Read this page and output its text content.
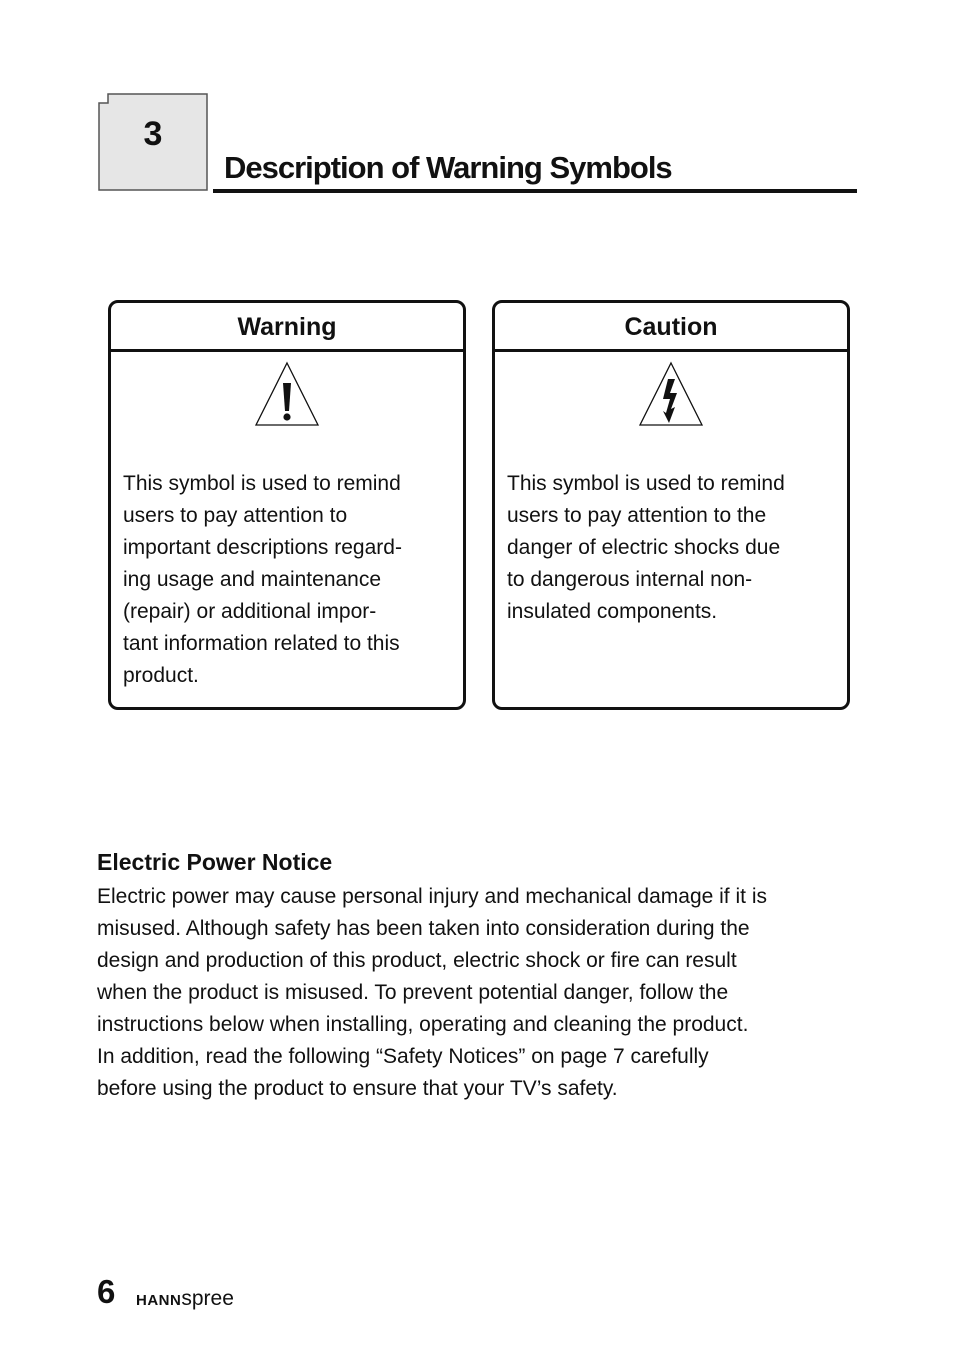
3
Description of Warning Symbols
Warning
This symbol is used to remind
users to pay attention to
important descriptions regard-
ing usage and maintenance
(repair) or additional impor-
tant information related to this
product.
Caution
This symbol is used to remind
users to pay attention to the
danger of electric shocks due
to dangerous internal non-
insulated components.
Electric Power Notice
Electric power may cause personal injury and mechanical damage if it is
misused. Although safety has been taken into consideration during the
design and production of this product, electric shock or fire can result
when the product is misused. To prevent potential danger, follow the
instructions below when installing, operating and cleaning the product.
In addition, read the following “Safety Notices” on page 7 carefully
before using the product to ensure that your TV’s safety.
6 HANNspree
